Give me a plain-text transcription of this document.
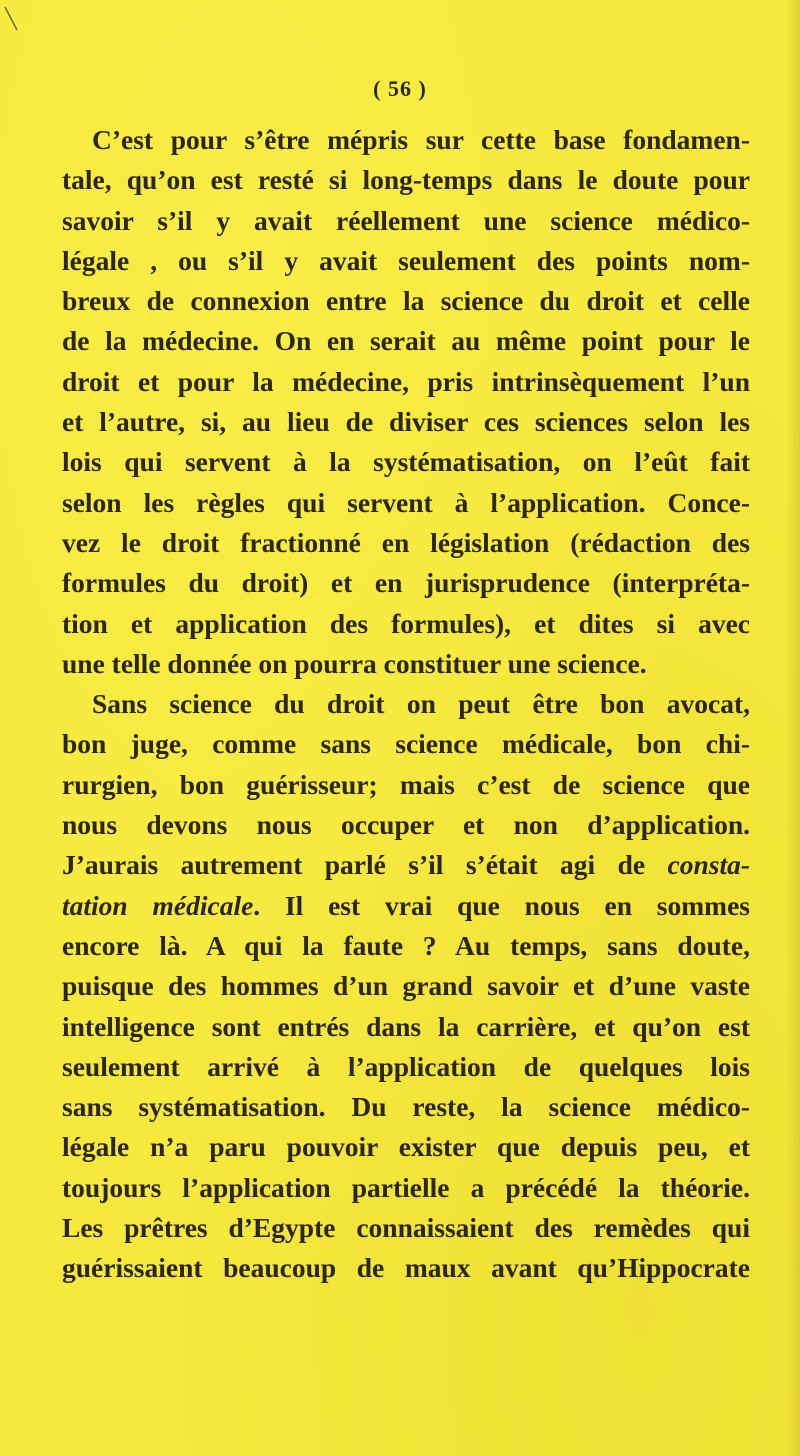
( 56 )
C’est pour s’être mépris sur cette base fondamen-
tale, qu’on est resté si long-temps dans le doute pour
savoir s’il y avait réellement une science médico-
légale , ou s’il y avait seulement des points nom-
breux de connexion entre la science du droit et celle
de la médecine. On en serait au même point pour le
droit et pour la médecine, pris intrinsèquement l’un
et l’autre, si, au lieu de diviser ces sciences selon les
lois qui servent à la systématisation, on l’eût fait
selon les règles qui servent à l’application. Conce-
vez le droit fractionné en législation (rédaction des
formules du droit) et en jurisprudence (interpréta-
tion et application des formules), et dites si avec
une telle donnée on pourra constituer une science.
Sans science du droit on peut être bon avocat,
bon juge, comme sans science médicale, bon chi-
rurgien, bon guérisseur; mais c’est de science que
nous devons nous occuper et non d’application.
J’aurais autrement parlé s’il s’était agi de consta-
tation médicale. Il est vrai que nous en sommes
encore là. A qui la faute ? Au temps, sans doute,
puisque des hommes d’un grand savoir et d’une vaste
intelligence sont entrés dans la carrière, et qu’on est
seulement arrivé à l’application de quelques lois
sans systématisation. Du reste, la science médico-
légale n’a paru pouvoir exister que depuis peu, et
toujours l’application partielle a précédé la théorie.
Les prêtres d’Egypte connaissaient des remèdes qui
guérissaient beaucoup de maux avant qu’Hippocrate
